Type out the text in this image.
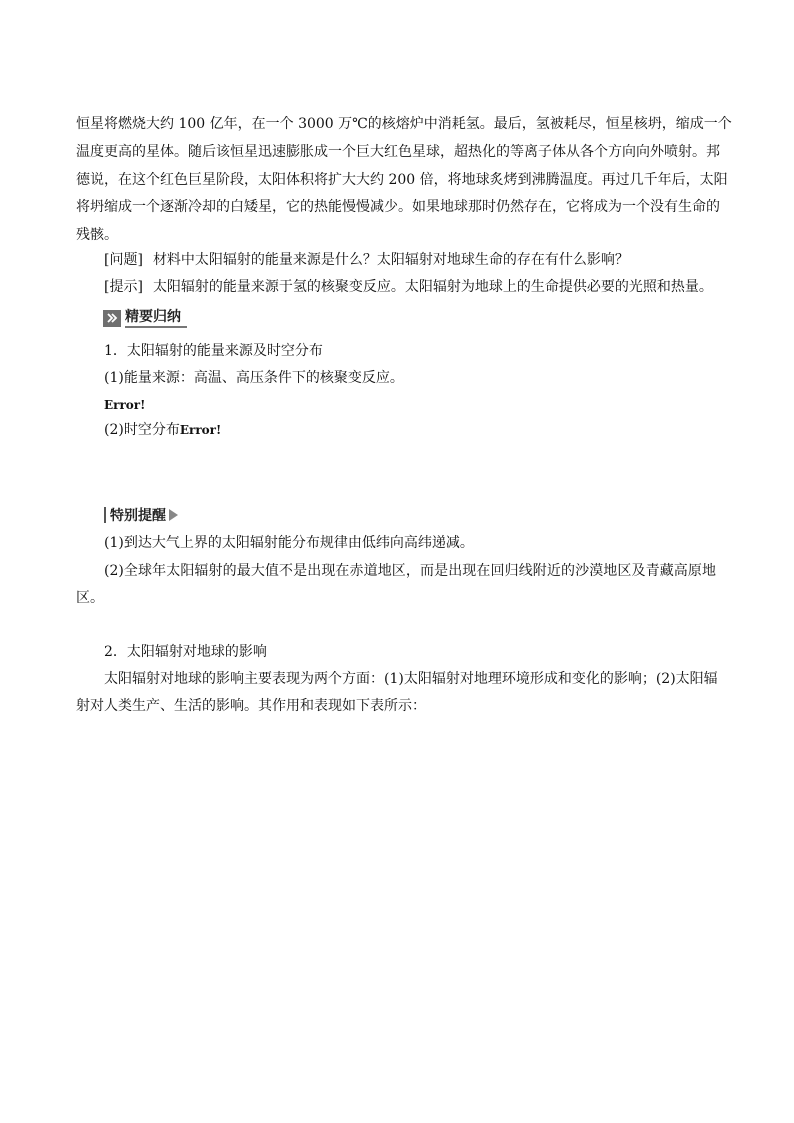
恒星将燃烧大约 100 亿年，在一个 3000 万℃的核熔炉中消耗氢。最后，氢被耗尽，恒星核坍，缩成一个
温度更高的星体。随后该恒星迅速膨胀成一个巨大红色星球，超热化的等离子体从各个方向向外喷射。邦
德说，在这个红色巨星阶段，太阳体积将扩大大约 200 倍，将地球炙烤到沸腾温度。再过几千年后，太阳
将坍缩成一个逐渐冷却的白矮星，它的热能慢慢减少。如果地球那时仍然存在，它将成为一个没有生命的
残骸。
[问题] 材料中太阳辐射的能量来源是什么？太阳辐射对地球生命的存在有什么影响？
[提示] 太阳辐射的能量来源于氢的核聚变反应。太阳辐射为地球上的生命提供必要的光照和热量。
精要归纳
1．太阳辐射的能量来源及时空分布
(1)能量来源：高温、高压条件下的核聚变反应。
Error!
(2)时空分布Error!
特别提醒
(1)到达大气上界的太阳辐射能分布规律由低纬向高纬递减。
(2)全球年太阳辐射的最大值不是出现在赤道地区，而是出现在回归线附近的沙漠地区及青藏高原地
区。
2．太阳辐射对地球的影响
太阳辐射对地球的影响主要表现为两个方面：(1)太阳辐射对地理环境形成和变化的影响；(2)太阳辐
射对人类生产、生活的影响。其作用和表现如下表所示：
